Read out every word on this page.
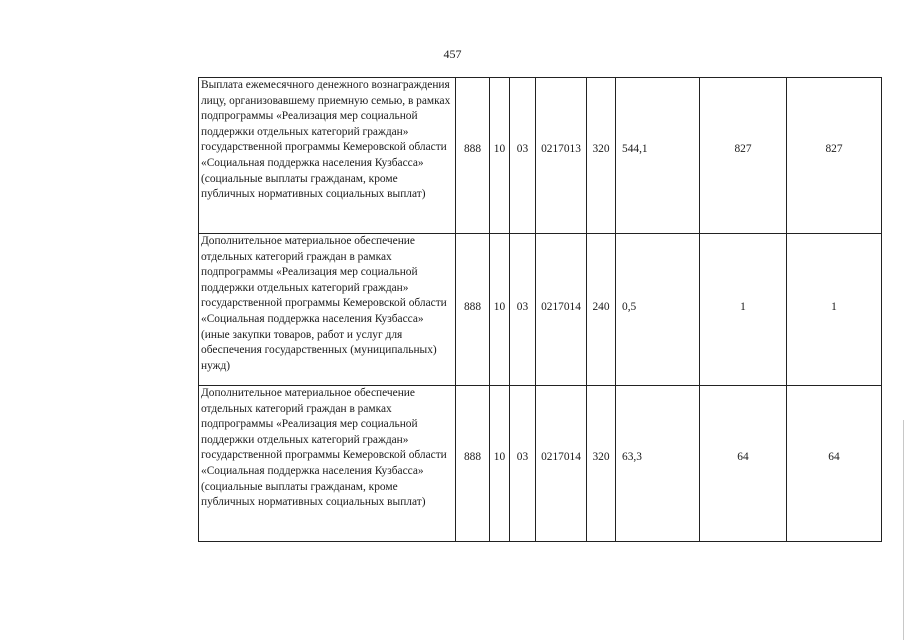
457
Выплата ежемесячного денежного вознаграждения лицу, организовавшему приемную семью, в рамках подпрограммы «Реализация мер социальной поддержки отдельных категорий граждан» государственной программы Кемеровской области «Социальная поддержка населения Кузбасса» (социальные выплаты гражданам, кроме публичных нормативных социальных выплат)	888	10	03	0217013	320	544,1	827	827
Дополнительное материальное обеспечение отдельных категорий граждан в рамках подпрограммы «Реализация мер социальной поддержки отдельных категорий граждан» государственной программы Кемеровской области «Социальная поддержка населения Кузбасса» (иные закупки товаров, работ и услуг для обеспечения государственных (муниципальных) нужд)	888	10	03	0217014	240	0,5	1	1
Дополнительное материальное обеспечение отдельных категорий граждан в рамках подпрограммы «Реализация мер социальной поддержки отдельных категорий граждан» государственной программы Кемеровской области «Социальная поддержка населения Кузбасса» (социальные выплаты гражданам, кроме публичных нормативных социальных выплат)	888	10	03	0217014	320	63,3	64	64
